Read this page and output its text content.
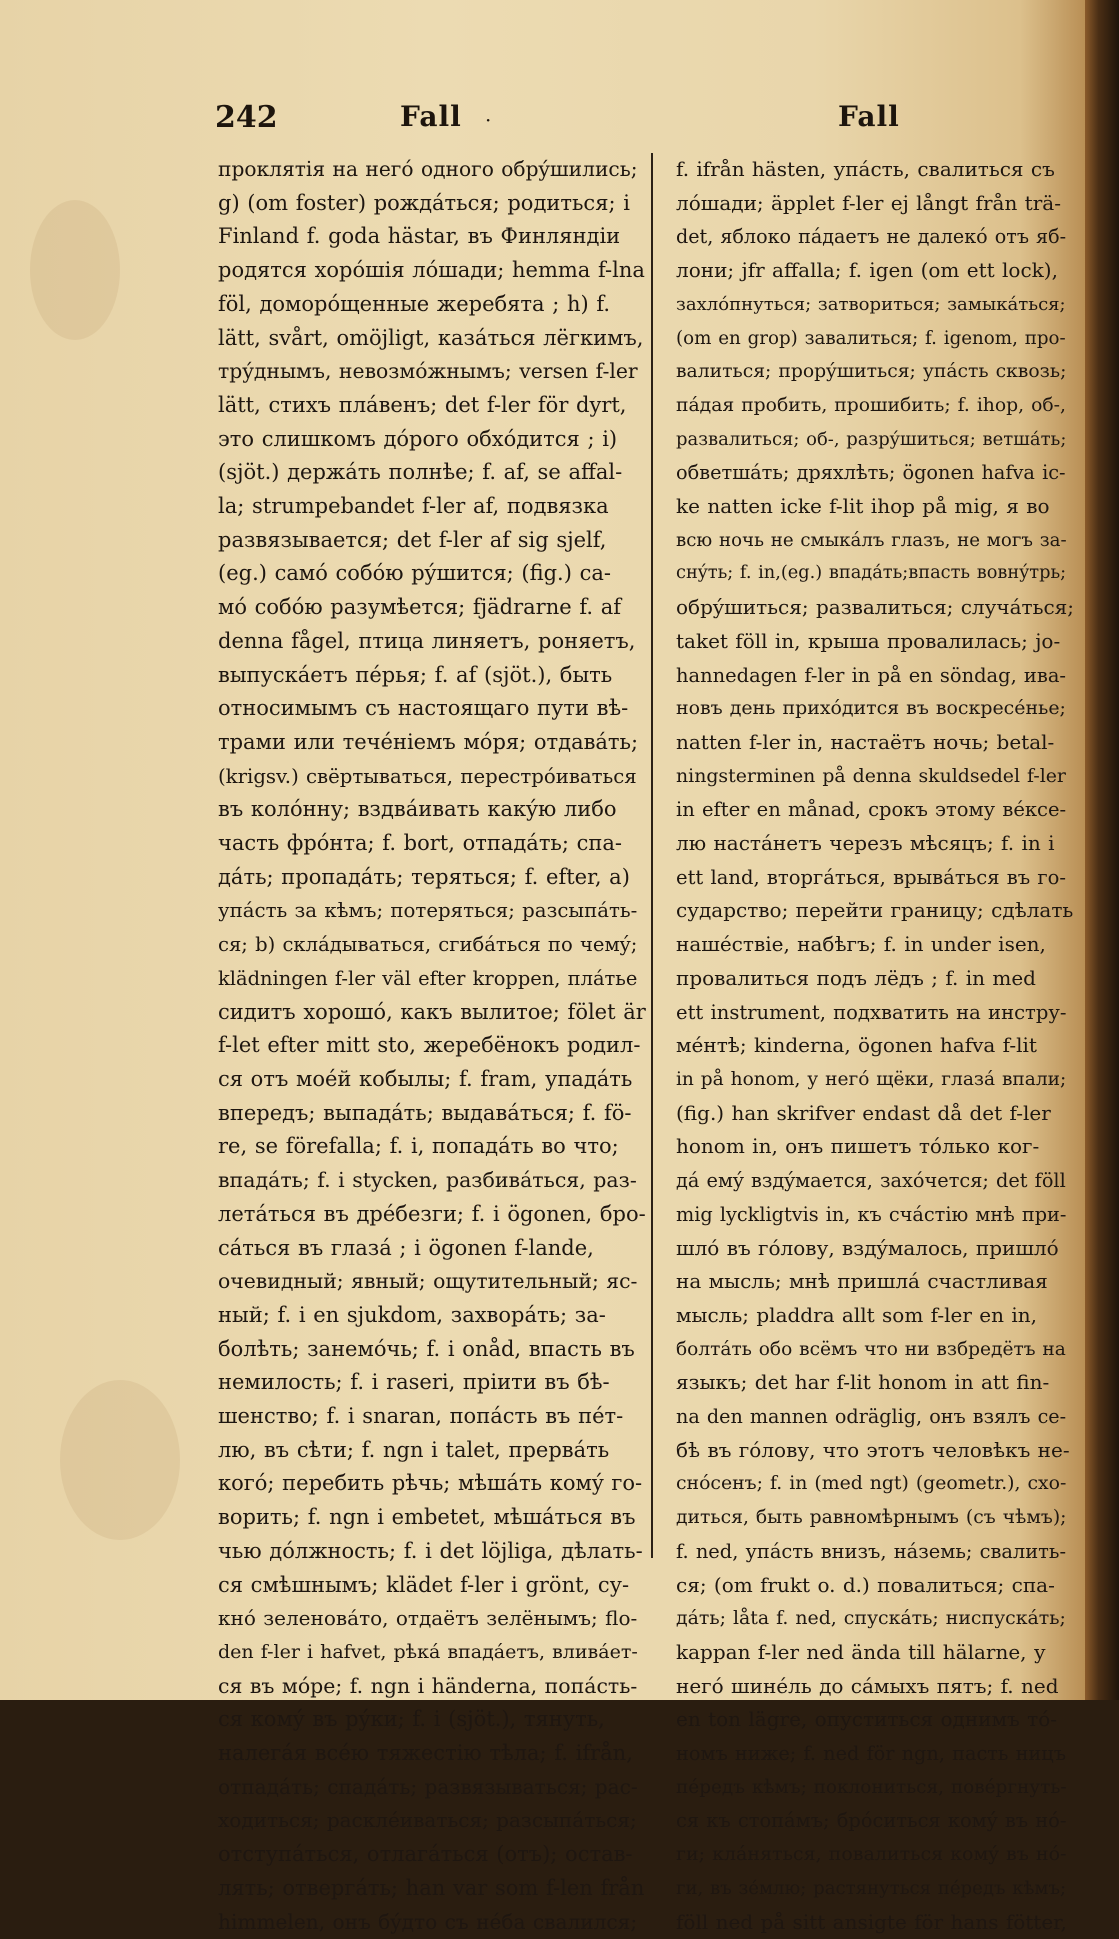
242	Fall ·	Fall
проклятія на негó одного обрýшились;
g) (om foster) рождáться; родиться; i
Finland f. goda hästar, въ Финляндіи
родятся хорóшія лóшади; hemma f-lna
föl, доморóщенные жеребята ; h) f.
lätt, svårt, omöjligt, казáться лёгкимъ,
трýднымъ, невозмóжнымъ; versen f-ler
lätt, стихъ плáвенъ; det f-ler för dyrt,
это слишкомъ дóрого обхóдится ; i)
(sjöt.) держáть полнѣе; f. af, se affal-
la; strumpebandet f-ler af, подвязка
развязывается; det f-ler af sig sjelf,
(eg.) самó собóю рýшится; (fig.) са-
мó собóю разумѣется; fjädrarne f. af
denna fågel, птица линяетъ, роняетъ,
выпускáетъ пéрья; f. af (sjöt.), быть
относимымъ съ настоящаго пути вѣ-
трами или течéніемъ мóря; отдавáть;
(krigsv.) свёртываться, перестрóиваться
въ колóнну; вздвáивать какýю либо
часть фрóнта; f. bort, отпадáть; спа-
дáть; пропадáть; теряться; f. efter, a)
упáсть за кѣмъ; потеряться; разсыпáть-
ся; b) склáдываться, сгибáться по чемý;
klädningen f-ler väl efter kroppen, плáтье
сидитъ хорошó, какъ вылитое; fölet är
f-let efter mitt sto, жеребёнокъ родил-
ся отъ моéй кобылы; f. fram, упадáть
впередъ; выпадáть; выдавáться; f. fö-
re, se förefalla; f. i, попадáть во что;
впадáть; f. i stycken, разбивáться, раз-
летáться въ дрéбезги; f. i ögonen, бро-
сáться въ глазá ; i ögonen f-lande,
очевидный; явный; ощутительный; яс-
ный; f. i en sjukdom, захворáть; за-
болѣть; занемóчь; f. i onåd, впасть въ
немилость; f. i raseri, пріити въ бѣ-
шенство; f. i snaran, попáсть въ пéт-
лю, въ сѣти; f. ngn i talet, прервáть
когó; перебить рѣчь; мѣшáть комý го-
ворить; f. ngn i embetet, мѣшáться въ
чью дóлжность; f. i det löjliga, дѣлать-
ся смѣшнымъ; klädet f-ler i grönt, су-
кнó зеленовáто, отдаётъ зелёнымъ; flo-
den f-ler i hafvet, рѣкá впадáетъ, вливáет-
ся въ мóре; f. ngn i händerna, попáсть-
ся комý въ рýки; f. i (sjöt.), тянуть,
налегáя всéю тяжестію тѣла; f. ifrån,
отпадáть; спадáть; развязываться; рас-
ходиться; расклéиваться; разсыпáться;
отступáться, отлагáться (отъ); остав-
лять; отвергáть; han var som f-len från
himmelen, онъ бýдто съ нéба свалился;
f. ifrån hästen, упáсть, свалиться съ
лóшади; äpplet f-ler ej långt från trä-
det, яблоко пáдаетъ не далекó отъ яб-
лони; jfr affalla; f. igen (om ett lock),
захлóпнуться; затвориться; замыкáться;
(om en grop) завалиться; f. igenom, про-
валиться; прорýшиться; упáсть сквозь;
пáдая пробить, прошибить; f. ihop, об-,
развалиться; об-, разрýшиться; ветшáть;
обветшáть; дряхлѣть; ögonen hafva ic-
ke natten icke f-lit ihop på mig, я во
всю ночь не смыкáлъ глазъ, не могъ за-
снýть; f. in,(eg.) впадáть;впасть вовнýтрь;
обрýшиться; развалиться; случáться;
taket föll in, крыша провалилась; jo-
hannedagen f-ler in på en söndag, ива-
новъ день прихóдится въ воскресéнье;
natten f-ler in, настаётъ ночь; betal-
ningsterminen på denna skuldsedel f-ler
in efter en månad, срокъ этому вéксе-
лю настáнетъ черезъ мѣсяцъ; f. in i
ett land, вторгáться, врывáться въ го-
сударство; перейти границу; сдѣлать
нашéствіе, набѣгъ; f. in under isen,
провалиться подъ лёдъ ; f. in med
ett instrument, подхватить на инстру-
мéнтѣ; kinderna, ögonen hafva f-lit
in på honom, у негó щёки, глазá впали;
(fig.) han skrifver endast då det f-ler
honom in, онъ пишетъ тóлько ког-
дá емý вздýмается, захóчется; det föll
mig lyckligtvis in, къ счáстію мнѣ при-
шлó въ гóлову, вздýмалось, пришлó
на мысль; мнѣ пришлá счастливая
мысль; pladdra allt som f-ler en in,
болтáть обо всёмъ что ни взбредётъ на
языкъ; det har f-lit honom in att fin-
na den mannen odräglig, онъ взялъ се-
бѣ въ гóлову, что этотъ человѣкъ не-
снóсенъ; f. in (med ngt) (geometr.), схо-
диться, быть равномѣрнымъ (съ чѣмъ);
f. ned, упáсть внизъ, нáземь; свалить-
ся; (om frukt o. d.) повалиться; спа-
дáть; låta f. ned, спускáть; ниспускáть;
kappan f-ler ned ända till hälarne, у
негó шинéль до сáмыхъ пятъ; f. ned
en ton lägre, опуститься однимъ тó-
номъ ниже; f. ned för ngn, пасть ницъ
пéредъ кѣмъ; поклониться, повéргнуть-
ся къ стопáмъ; брóситься комý въ нó-
ги; клáняться, повалиться комý въ нó-
ги, въ зéмлю; растянуться пéредъ кѣмъ;
föll ned på sitt ansigte för hans fötter,
